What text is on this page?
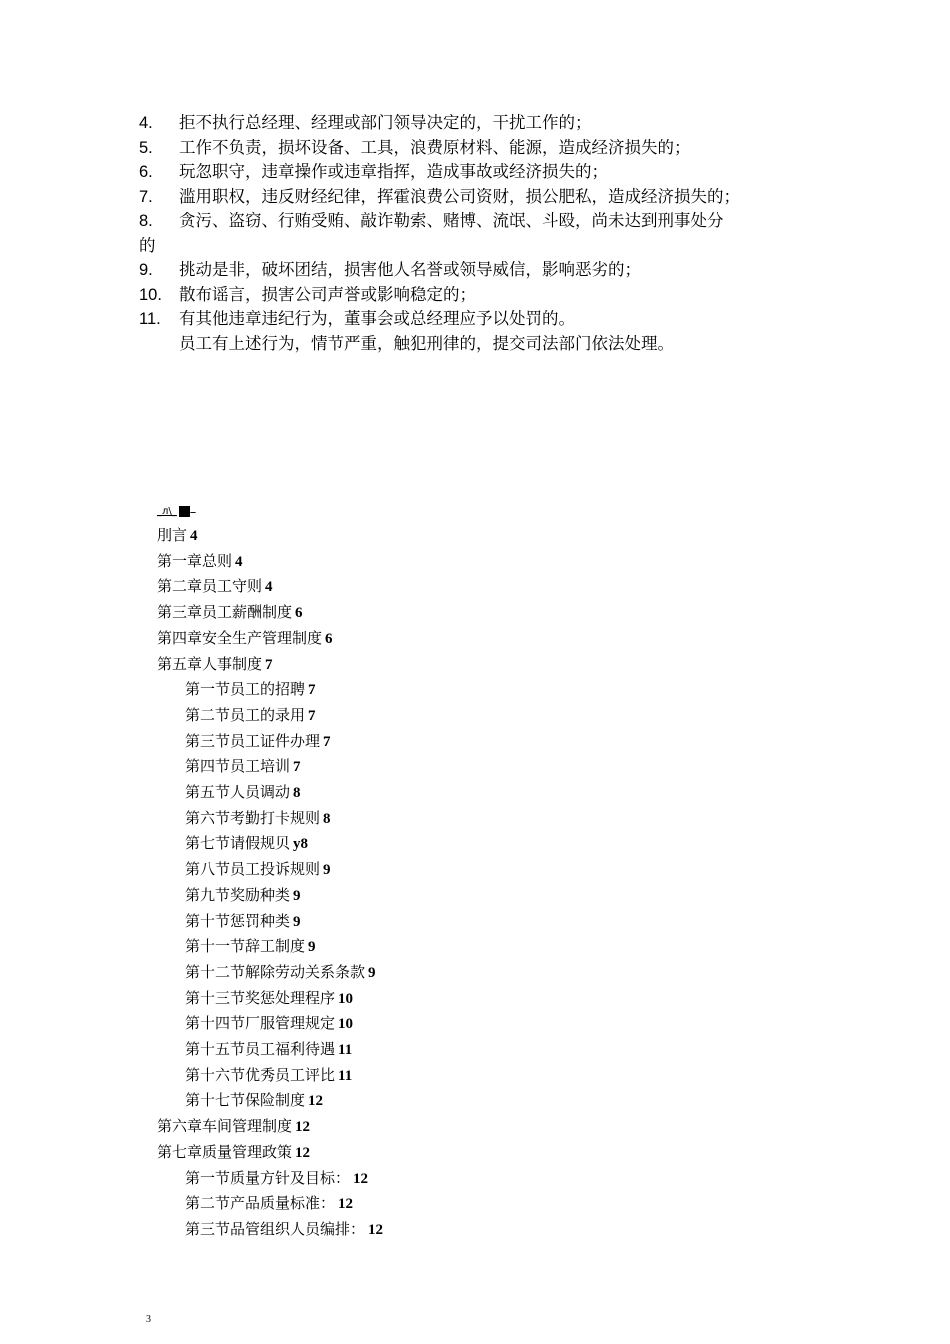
4. 拒不执行总经理、经理或部门领导决定的，干扰工作的；
5. 工作不负责，损坏设备、工具，浪费原材料、能源，造成经济损失的；
6. 玩忽职守，违章操作或违章指挥，造成事故或经济损失的；
7. 滥用职权，违反财经纪律，挥霍浪费公司资财，损公肥私，造成经济损失的；
8. 贪污、盗窃、行贿受贿、敲诈勒索、赌博、流氓、斗殴，尚未达到刑事处分
的
9. 挑动是非，破坏团结，损害他人名誉或领导威信，影响恶劣的；
10. 散布谣言，损害公司声誉或影响稳定的；
11. 有其他违章违纪行为，董事会或总经理应予以处罚的。
员工有上述行为，情节严重，触犯刑律的，提交司法部门依法处理。
_л\_ –
刖言 4
第一章总则 4
第二章员工守则 4
第三章员工薪酬制度 6
第四章安全生产管理制度 6
第五章人事制度 7
第一节员工的招聘 7
第二节员工的录用 7
第三节员工证件办理 7
第四节员工培训 7
第五节人员调动 8
第六节考勤打卡规则 8
第七节请假规贝 y8
第八节员工投诉规则 9
第九节奖励种类 9
第十节惩罚种类 9
第十一节辞工制度 9
第十二节解除劳动关系条款 9
第十三节奖惩处理程序 10
第十四节厂服管理规定 10
第十五节员工福利待遇 11
第十六节优秀员工评比 11
第十七节保险制度 12
第六章车间管理制度 12
第七章质量管理政策 12
第一节质量方针及目标： 12
第二节产品质量标准： 12
第三节品管组织人员编排： 12
3
